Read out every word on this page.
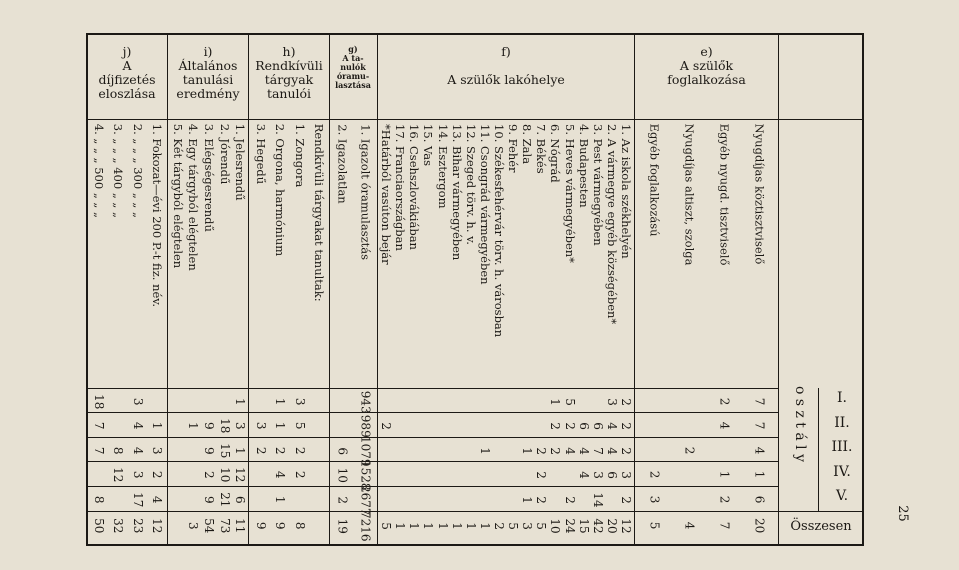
j)
A
díjfizetés
eloszlása
i)
Általános
tanulási
eredmény
h)
Rendkívüli
tárgyak
tanulói
g)
A ta-
nulók
óramu-
lasztása
f)

A szülők lakóhelye
e)
A szülők
foglalkozása
o s z t á l y	I.
II.
III.
IV.
V.
Összesen
25
Nyugdíjas köztisztviselő
7
7
4
1
6
20
Egyéb nyugd. tisztviselő
2
4
1
2
7
Nyugdíjas altiszt, szolga
2
4
Egyéb foglalkozású
2
3
5
1. Az iskola székhelyén
2
2
2
3
2
12
2. A vármegye egyéb községében*
3
4
4
6
20
3. Pest vármegyében
6
7
3
14
42
4. Budapesten
6
4
4
15
5. Heves vármegyében*
5
2
4
2
24
6. Nógrád
1
2
2
10
7. Békés
2
2
2
5
8. Zala
1
1
3
9. Fehér
5
10. Székesfehérvár törv. h. városban
2
11. Csongrád vármegyében
1
1
12. Szeged törv. h. v.
1
13. Bihar vármegyében
1
14. Esztergom
1
15. Vas
1
16. Csehszlovákiában
1
17. Franciaországban
1
*Határból vasúton bejár
2
5
1. Igazolt óramulasztás
943
989
1079
1528
2677
7216
2. Igazolatlan
6
10
2
19
Rendkívüli tárgyakat tanultak:
1. Zongora
3
5
2
2
8
2. Orgona, harmónium
1
1
2
4
1
9
3. Hegedű
3
2
9
1. Jelesrendű
1
3
1
12
6
11
2. Jórendű
18
15
10
21
73
3. Elégségesrendű
9
9
2
9
54
4. Egy tárgyból elégtelen
1
3
5. Két tárgyból elégtelen
1. Fokozat—évi 200 P.-t fiz. név.
1
3
2
4
12
2. „ „ „ 300 „ „ „
3
4
4
3
17
23
3. „ „ „ 400 „ „ „
8
12
32
4. „ „ „ 500 „ „ „
18
7
7
8
50
